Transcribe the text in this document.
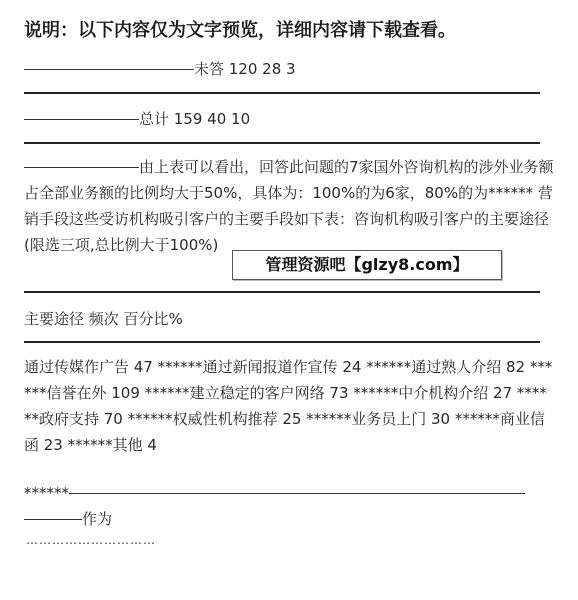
说明：以下内容仅为文字预览，详细内容请下载查看。
未答 120 28 3
总计 159 40 10
由上表可以看出，回答此问题的7家国外咨询机构的涉外业务额占全部业务额的比例均大于50%，具体为：100%的为6家，80%的为****** 营销手段这些受访机构吸引客户的主要手段如下表：咨询机构吸引客户的主要途径(限选三项,总比例大于100%)
管理资源吧【glzy8.com】
主要途径 频次 百分比%
通过传媒作广告 47 ******通过新闻报道作宣传 24 ******通过熟人介绍 82 ******信誉在外 109 ******建立稳定的客户网络 73 ******中介机构介绍 27 ******政府支持 70 ******权威性机构推荐 25 ******业务员上门 30 ******商业信函 23 ******其他 4
******
作为
…………………………
